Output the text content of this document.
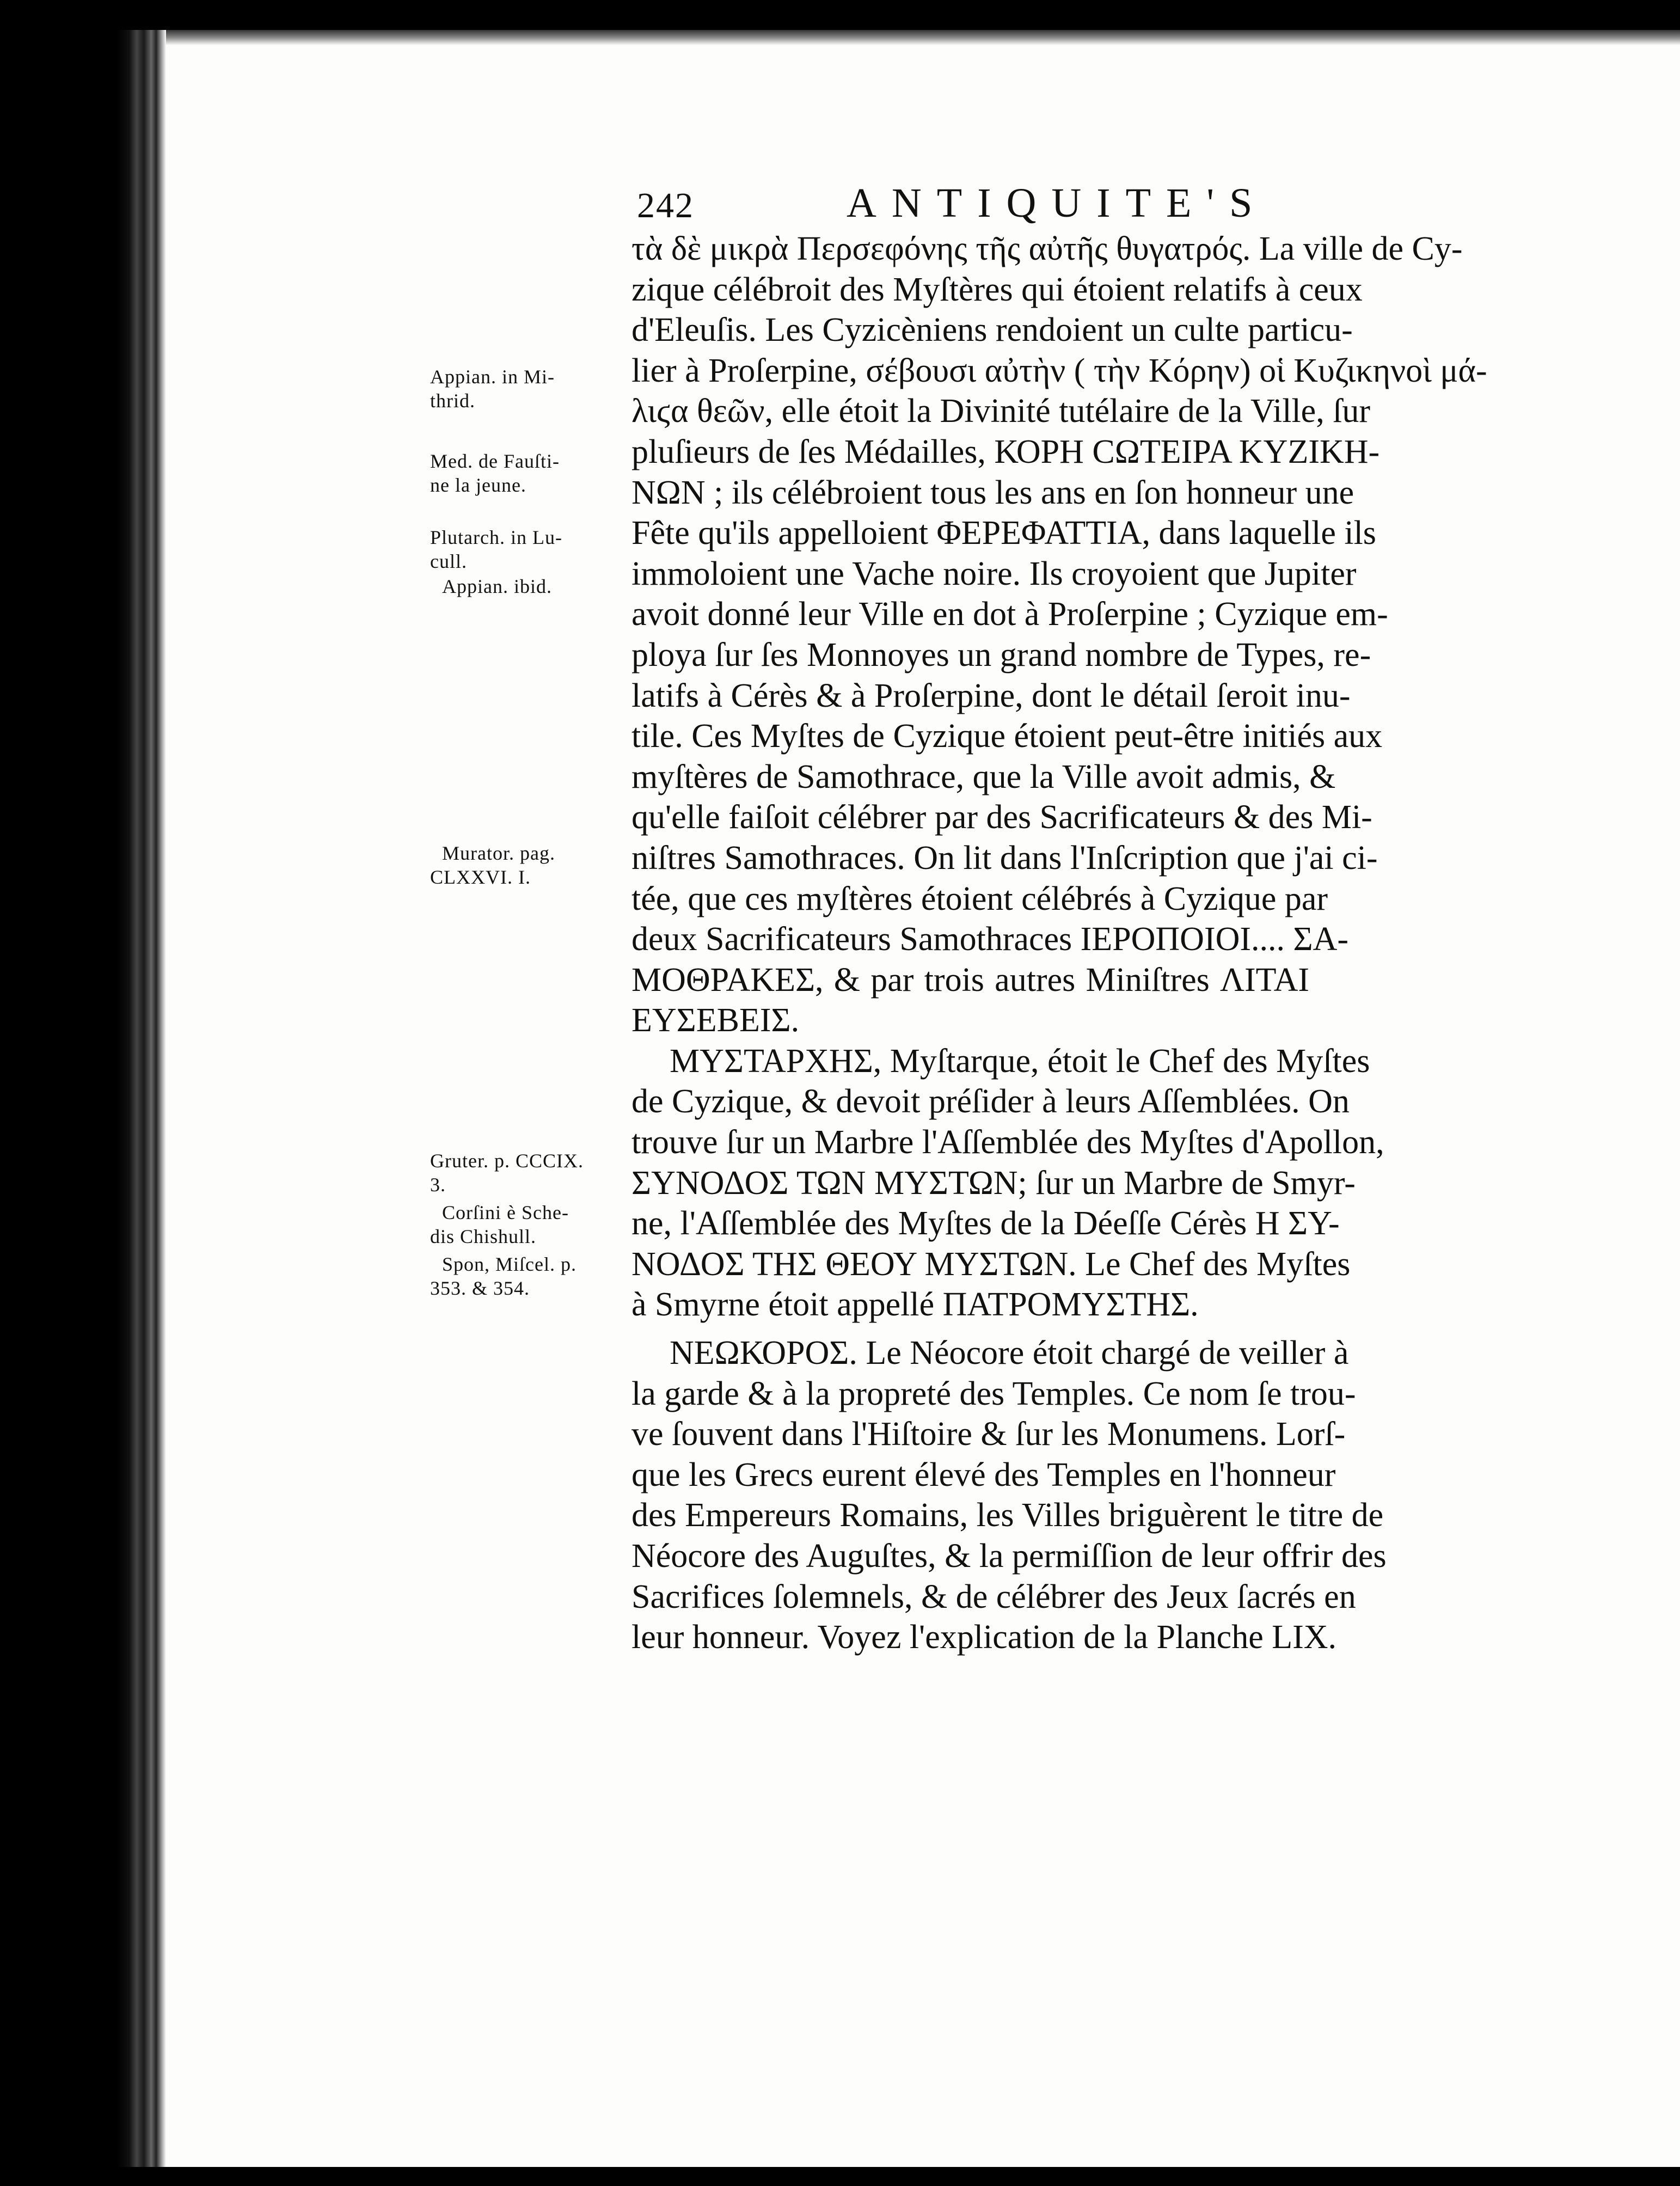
242	ANTIQUITE'S
Appian. in Mi-
thrid.
Med. de Fauſti-
ne la jeune.
Plutarch. in Lu-
cull.
Appian. ibid.
Murator. pag.
CLXXVI. I.
Gruter. p. CCCIX.
3.
Corſini è Sche-
dis Chishull.
Spon, Miſcel. p.
353. & 354.
τὰ δὲ μικρὰ Περσεφόνης τῆς αὐτῆς θυγατρός. La ville de Cy-
zique célébroit des Myſtères qui étoient relatifs à ceux
d'Eleuſis. Les Cyzicèniens rendoient un culte particu-
lier à Proſerpine, σέβουσι αὐτὴν ( τὴν Κόρην) οἱ Κυζικηνοὶ μά-
λιϛα θεῶν, elle étoit la Divinité tutélaire de la Ville, ſur
pluſieurs de ſes Médailles, ΚΟΡΗ CΩΤΕΙΡΑ ΚΥΖΙΚΗ-
ΝΩΝ ; ils célébroient tous les ans en ſon honneur une
Fête qu'ils appelloient ΦΕΡΕΦΑΤΤΙΑ, dans laquelle ils
immoloient une Vache noire. Ils croyoient que Jupiter
avoit donné leur Ville en dot à Proſerpine ; Cyzique em-
ploya ſur ſes Monnoyes un grand nombre de Types, re-
latifs à Cérès & à Proſerpine, dont le détail ſeroit inu-
tile. Ces Myſtes de Cyzique étoient peut-être initiés aux
myſtères de Samothrace, que la Ville avoit admis, &
qu'elle faiſoit célébrer par des Sacrificateurs & des Mi-
niſtres Samothraces. On lit dans l'Inſcription que j'ai ci-
tée, que ces myſtères étoient célébrés à Cyzique par
deux Sacrificateurs Samothraces ΙΕΡΟΠΟΙΟΙ.... ΣΑ-
ΜΟΘΡΑΚΕΣ, & par trois autres Miniſtres ΛΙΤΑΙ
ΕΥΣΕΒΕΙΣ.
ΜΥΣΤΑΡΧΗΣ, Myſtarque, étoit le Chef des Myſtes
de Cyzique, & devoit préſider à leurs Aſſemblées. On
trouve ſur un Marbre l'Aſſemblée des Myſtes d'Apollon,
ΣΥΝΟΔΟΣ ΤΩΝ ΜΥΣΤΩΝ; ſur un Marbre de Smyr-
ne, l'Aſſemblée des Myſtes de la Déeſſe Cérès Η ΣΥ-
ΝΟΔΟΣ ΤΗΣ ΘΕΟΥ ΜΥΣΤΩΝ. Le Chef des Myſtes
à Smyrne étoit appellé ΠΑΤΡΟΜΥΣΤΗΣ.
ΝΕΩΚΟΡΟΣ. Le Néocore étoit chargé de veiller à
la garde & à la propreté des Temples. Ce nom ſe trou-
ve ſouvent dans l'Hiſtoire & ſur les Monumens. Lorſ-
que les Grecs eurent élevé des Temples en l'honneur
des Empereurs Romains, les Villes briguèrent le titre de
Néocore des Auguſtes, & la permiſſion de leur offrir des
Sacrifices ſolemnels, & de célébrer des Jeux ſacrés en
leur honneur. Voyez l'explication de la Planche LIX.
